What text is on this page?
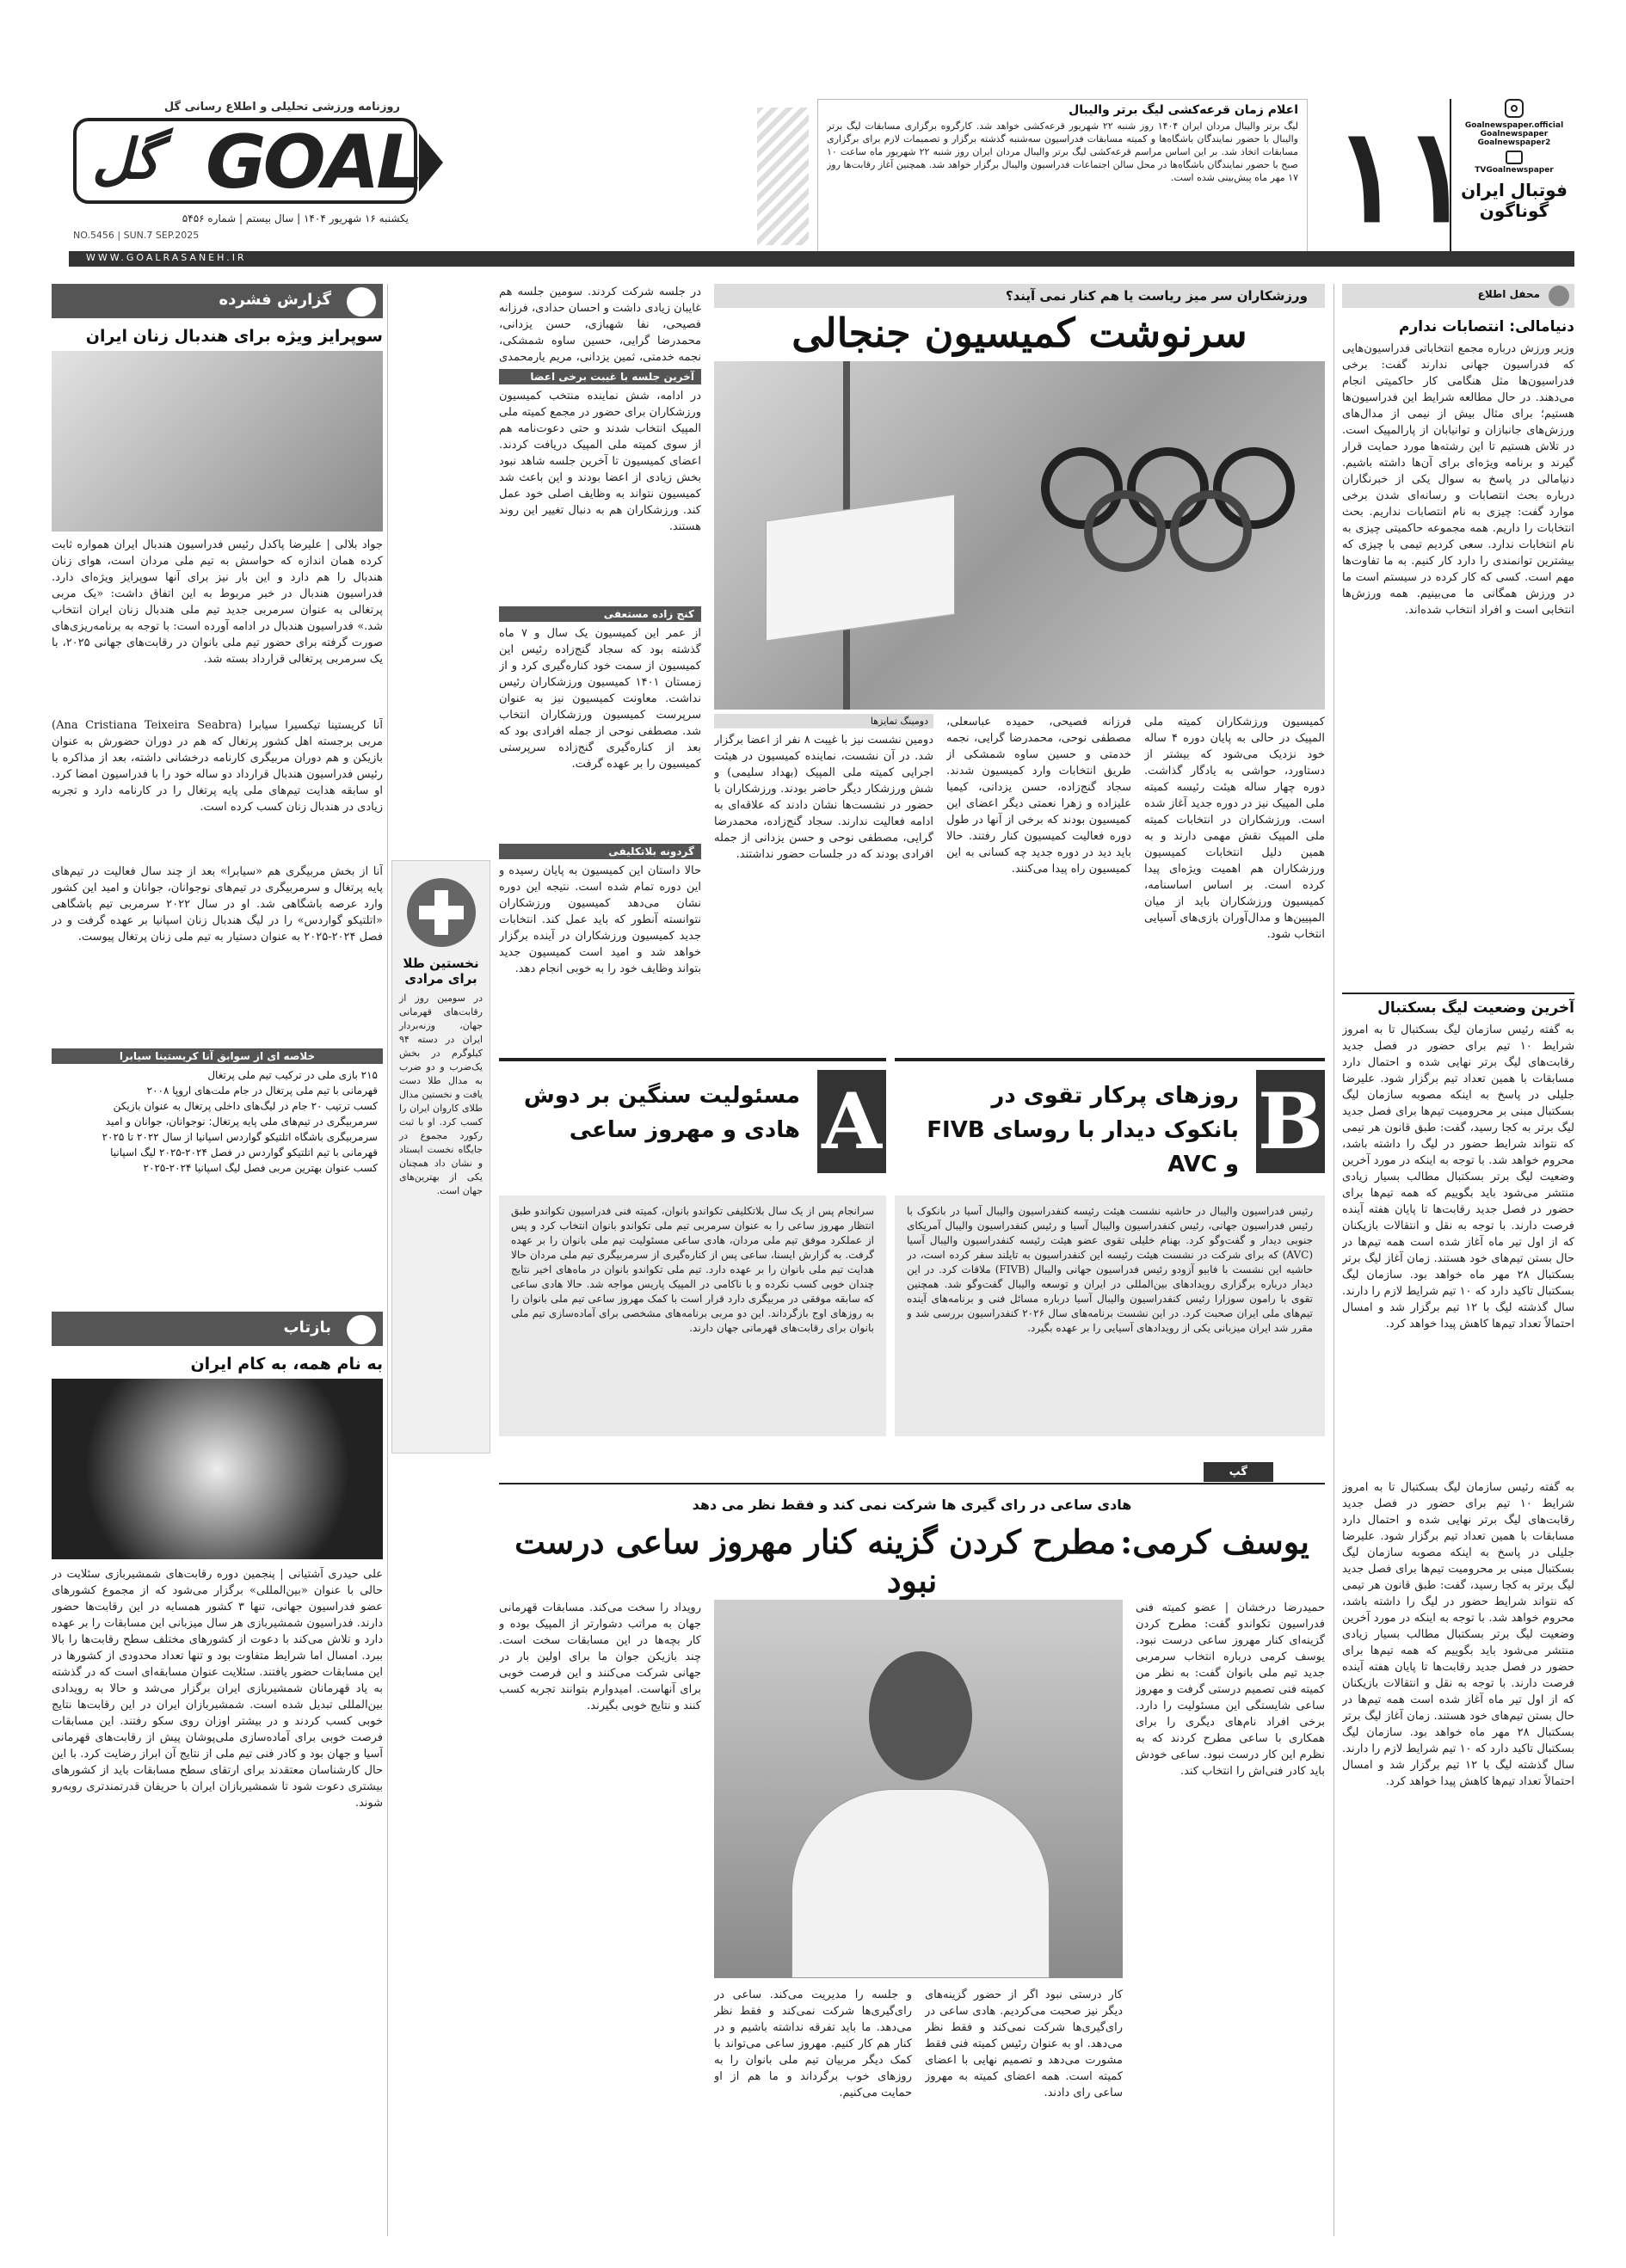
روزنامه ورزشی تحلیلی و اطلاع رسانی گل
GOAL
گل
یکشنبه ۱۶ شهریور ۱۴۰۴ | سال بیستم | شماره ۵۴۵۶
NO.5456 | SUN.7 SEP.2025
اعلام زمان قرعه‌کشی لیگ برتر والیبال
لیگ برتر والیبال مردان ایران ۱۴۰۴ روز شنبه ۲۲ شهریور قرعه‌کشی خواهد شد. کارگروه برگزاری مسابقات لیگ برتر والیبال با حضور نمایندگان باشگاه‌ها و کمیته مسابقات فدراسیون سه‌شنبه گذشته برگزار و تصمیمات لازم برای برگزاری مسابقات اتخاذ شد. بر این اساس مراسم قرعه‌کشی لیگ برتر والیبال مردان ایران روز شنبه ۲۲ شهریور ماه ساعت ۱۰ صبح با حضور نمایندگان باشگاه‌ها در محل سالن اجتماعات فدراسیون والیبال برگزار خواهد شد. همچنین آغاز رقابت‌ها روز ۱۷ مهر ماه پیش‌بینی شده است. ۱۱
Goalnewspaper.official
Goalnewspaper
Goalnewspaper2
TVGoalnewspaper
فوتبال ایران
گوناگون
WWW.GOALRASANEH.IR
محفل اطلاع
دنیامالی: انتصابات ندارم
وزیر ورزش درباره مجمع انتخاباتی فدراسیون‌هایی که فدراسیون جهانی ندارند گفت: برخی فدراسیون‌ها مثل هنگامی کار حاکمیتی انجام می‌دهند. در حال مطالعه شرایط این فدراسیون‌ها هستیم؛ برای مثال بیش از نیمی از مدال‌های ورزش‌های جانبازان و توانیابان از پارالمپیک است. در تلاش هستیم تا این رشته‌ها مورد حمایت قرار گیرند و برنامه ویژه‌ای برای آن‌ها داشته باشیم. دنیامالی در پاسخ به سوال یکی از خبرنگاران درباره بحث انتصابات و رسانه‌ای شدن برخی موارد گفت: چیزی به نام انتصابات نداریم. بحث انتخابات را داریم. همه مجموعه حاکمیتی چیزی به نام انتخابات ندارد. سعی کردیم تیمی با چیزی که بیشترین توانمندی را دارد کار کنیم. به ما تفاوت‌ها مهم است. کسی که کار کرده در سیستم است ما در ورزش همگانی ما می‌بینیم. همه ورزش‌ها انتخابی است و افراد انتخاب شده‌اند.
آخرین وضعیت لیگ بسکتبال
به گفته رئیس سازمان لیگ بسکتبال تا به امروز شرایط ۱۰ تیم برای حضور در فصل جدید رقابت‌های لیگ برتر نهایی شده و احتمال دارد مسابقات با همین تعداد تیم برگزار شود. علیرضا جلیلی در پاسخ به اینکه مصوبه سازمان لیگ بسکتبال مبنی بر محرومیت تیم‌ها برای فصل جدید لیگ برتر به کجا رسید، گفت: طبق قانون هر تیمی که نتواند شرایط حضور در لیگ را داشته باشد، محروم خواهد شد. با توجه به اینکه در مورد آخرین وضعیت لیگ برتر بسکتبال مطالب بسیار زیادی منتشر می‌شود باید بگوییم که همه تیم‌ها برای حضور در فصل جدید رقابت‌ها تا پایان هفته آینده فرصت دارند. با توجه به نقل و انتقالات بازیکنان که از اول تیر ماه آغاز شده است همه تیم‌ها در حال بستن تیم‌های خود هستند. زمان آغاز لیگ برتر بسکتبال ۲۸ مهر ماه خواهد بود. سازمان لیگ بسکتبال تاکید دارد که ۱۰ تیم شرایط لازم را دارند. سال گذشته لیگ با ۱۲ تیم برگزار شد و امسال احتمالاً تعداد تیم‌ها کاهش پیدا خواهد کرد.
به گفته رئیس سازمان لیگ بسکتبال تا به امروز شرایط ۱۰ تیم برای حضور در فصل جدید رقابت‌های لیگ برتر نهایی شده و احتمال دارد مسابقات با همین تعداد تیم برگزار شود. علیرضا جلیلی در پاسخ به اینکه مصوبه سازمان لیگ بسکتبال مبنی بر محرومیت تیم‌ها برای فصل جدید لیگ برتر به کجا رسید، گفت: طبق قانون هر تیمی که نتواند شرایط حضور در لیگ را داشته باشد، محروم خواهد شد. با توجه به اینکه در مورد آخرین وضعیت لیگ برتر بسکتبال مطالب بسیار زیادی منتشر می‌شود باید بگوییم که همه تیم‌ها برای حضور در فصل جدید رقابت‌ها تا پایان هفته آینده فرصت دارند. با توجه به نقل و انتقالات بازیکنان که از اول تیر ماه آغاز شده است همه تیم‌ها در حال بستن تیم‌های خود هستند. زمان آغاز لیگ برتر بسکتبال ۲۸ مهر ماه خواهد بود. سازمان لیگ بسکتبال تاکید دارد که ۱۰ تیم شرایط لازم را دارند. سال گذشته لیگ با ۱۲ تیم برگزار شد و امسال احتمالاً تعداد تیم‌ها کاهش پیدا خواهد کرد.
ورزشکاران سر میز ریاست یا هم کنار نمی آیند؟
سرنوشت کمیسیون جنجالی
کمیسیون ورزشکاران کمیته ملی المپیک در حالی به پایان دوره ۴ ساله خود نزدیک می‌شود که بیشتر از دستاورد، حواشی به یادگار گذاشت. دوره چهار ساله هیئت رئیسه کمیته ملی المپیک نیز در دوره جدید آغاز شده است. ورزشکاران در انتخابات کمیته ملی المپیک نقش مهمی دارند و به همین دلیل انتخابات کمیسیون ورزشکاران هم اهمیت ویژه‌ای پیدا کرده است. بر اساس اساسنامه، کمیسیون ورزشکاران باید از میان المپیین‌ها و مدال‌آوران بازی‌های آسیایی انتخاب شود.
فرزانه فصیحی، حمیده عباسعلی، مصطفی نوحی، محمدرضا گرایی، نجمه خدمتی و حسین ساوه شمشکی از طریق انتخابات وارد کمیسیون شدند. سجاد گنج‌زاده، حسن یزدانی، کیمیا علیزاده و زهرا نعمتی دیگر اعضای این کمیسیون بودند که برخی از آنها در طول دوره فعالیت کمیسیون کنار رفتند. حالا باید دید در دوره جدید چه کسانی به این کمیسیون راه پیدا می‌کنند.
دومینگ تمایزها
دومین نشست نیز با غیبت ۸ نفر از اعضا برگزار شد. در آن نشست، نماینده کمیسیون در هیئت اجرایی کمیته ملی المپیک (بهداد سلیمی) و شش ورزشکار دیگر حاضر بودند. ورزشکاران با حضور در نشست‌ها نشان دادند که علاقه‌ای به ادامه فعالیت ندارند. سجاد گنج‌زاده، محمدرضا گرایی، مصطفی نوحی و حسن یزدانی از جمله افرادی بودند که در جلسات حضور نداشتند.
در جلسه شرکت کردند. سومین جلسه هم غایبان زیادی داشت و احسان حدادی، فرزانه فصیحی، نفا شهبازی، حسن یزدانی، محمدرضا گرایی، حسین ساوه شمشکی، نجمه خدمتی، ثمین یزدانی، مریم یارمحمدی
آخرین جلسه با غیبت برخی اعضا
در ادامه، شش نماینده منتخب کمیسیون ورزشکاران برای حضور در مجمع کمیته ملی المپیک انتخاب شدند و حتی دعوت‌نامه هم از سوی کمیته ملی المپیک دریافت کردند. اعضای کمیسیون تا آخرین جلسه شاهد نبود بخش زیادی از اعضا بودند و این باعث شد کمیسیون نتواند به وظایف اصلی خود عمل کند. ورزشکاران هم به دنبال تغییر این روند هستند.
کنج زاده مستعفی
از عمر این کمیسیون یک سال و ۷ ماه گذشته بود که سجاد گنج‌زاده رئیس این کمیسیون از سمت خود کناره‌گیری کرد و از زمستان ۱۴۰۱ کمیسیون ورزشکاران رئیس نداشت. معاونت کمیسیون نیز به عنوان سرپرست کمیسیون ورزشکاران انتخاب شد. مصطفی نوحی از جمله افرادی بود که بعد از کناره‌گیری گنج‌زاده سرپرستی کمیسیون را بر عهده گرفت.
گردونه بلاتکلیفی
حالا داستان این کمیسیون به پایان رسیده و این دوره تمام شده است. نتیجه این دوره نشان می‌دهد کمیسیون ورزشکاران نتوانسته آنطور که باید عمل کند. انتخابات جدید کمیسیون ورزشکاران در آینده برگزار خواهد شد و امید است کمیسیون جدید بتواند وظایف خود را به خوبی انجام دهد.
نخستین طلا برای مرادی
در سومین روز از رقابت‌های قهرمانی جهان، وزنه‌بردار ایران در دسته ۹۴ کیلوگرم در بخش یک‌ضرب و دو ضرب به مدال طلا دست یافت و نخستین مدال طلای کاروان ایران را کسب کرد. او با ثبت رکورد مجموع در جایگاه نخست ایستاد و نشان داد همچنان یکی از بهترین‌های جهان است.
B
روزهای پرکار تقوی در بانکوک دیدار با روسای FIVB و AVC
رئیس فدراسیون والیبال در حاشیه نشست هیئت رئیسه کنفدراسیون والیبال آسیا در بانکوک با رئیس فدراسیون جهانی، رئیس کنفدراسیون والیبال آسیا و رئیس کنفدراسیون والیبال آمریکای جنوبی دیدار و گفت‌وگو کرد. بهنام خلیلی تقوی عضو هیئت رئیسه کنفدراسیون والیبال آسیا (AVC) که برای شرکت در نشست هیئت رئیسه این کنفدراسیون به تایلند سفر کرده است، در حاشیه این نشست با فابیو آزودو رئیس فدراسیون جهانی والیبال (FIVB) ملاقات کرد. در این دیدار درباره برگزاری رویدادهای بین‌المللی در ایران و توسعه والیبال گفت‌وگو شد. همچنین تقوی با رامون سوزارا رئیس کنفدراسیون والیبال آسیا درباره مسائل فنی و برنامه‌های آینده تیم‌های ملی ایران صحبت کرد. در این نشست برنامه‌های سال ۲۰۲۶ کنفدراسیون بررسی شد و مقرر شد ایران میزبانی یکی از رویدادهای آسیایی را بر عهده بگیرد.
A
مسئولیت سنگین بر دوش هادی و مهروز ساعی
سرانجام پس از یک سال بلاتکلیفی تکواندو بانوان، کمیته فنی فدراسیون تکواندو طبق انتظار مهروز ساعی را به عنوان سرمربی تیم ملی تکواندو بانوان انتخاب کرد و پس از عملکرد موفق تیم ملی مردان، هادی ساعی مسئولیت تیم ملی بانوان را بر عهده گرفت. به گزارش ایسنا، ساعی پس از کناره‌گیری از سرمربیگری تیم ملی مردان حالا هدایت تیم ملی بانوان را بر عهده دارد. تیم ملی تکواندو بانوان در ماه‌های اخیر نتایج چندان خوبی کسب نکرده و با ناکامی در المپیک پاریس مواجه شد. حالا هادی ساعی که سابقه موفقی در مربیگری دارد قرار است با کمک مهروز ساعی تیم ملی بانوان را به روزهای اوج بازگرداند. این دو مربی برنامه‌های مشخصی برای آماده‌سازی تیم ملی بانوان برای رقابت‌های قهرمانی جهان دارند.
گپ
هادی ساعی در رای گیری ها شرکت نمی کند و فقط نظر می دهد
یوسف کرمی: مطرح کردن گزینه کنار مهروز ساعی درست نبود
حمیدرضا درخشان | عضو کمیته فنی فدراسیون تکواندو گفت: مطرح کردن گزینه‌ای کنار مهروز ساعی درست نبود. یوسف کرمی درباره انتخاب سرمربی جدید تیم ملی بانوان گفت: به نظر من کمیته فنی تصمیم درستی گرفت و مهروز ساعی شایستگی این مسئولیت را دارد. برخی افراد نام‌های دیگری را برای همکاری با ساعی مطرح کردند که به نظرم این کار درست نبود. ساعی خودش باید کادر فنی‌اش را انتخاب کند.
کار درستی نبود اگر از حضور گزینه‌های دیگر نیز صحبت می‌کردیم. هادی ساعی در رای‌گیری‌ها شرکت نمی‌کند و فقط نظر می‌دهد. او به عنوان رئیس کمیته فنی فقط مشورت می‌دهد و تصمیم نهایی با اعضای کمیته است. همه اعضای کمیته به مهروز ساعی رای دادند.
و جلسه را مدیریت می‌کند. ساعی در رای‌گیری‌ها شرکت نمی‌کند و فقط نظر می‌دهد. ما باید تفرقه نداشته باشیم و در کنار هم کار کنیم. مهروز ساعی می‌تواند با کمک دیگر مربیان تیم ملی بانوان را به روزهای خوب برگرداند و ما هم از او حمایت می‌کنیم.
رویداد را سخت می‌کند. مسابقات قهرمانی جهان به مراتب دشوارتر از المپیک بوده و کار بچه‌ها در این مسابقات سخت است. چند بازیکن جوان ما برای اولین بار در جهانی شرکت می‌کنند و این فرصت خوبی برای آنهاست. امیدوارم بتوانند تجربه کسب کنند و نتایج خوبی بگیرند.
گزارش فشرده
سوپرایز ویژه برای هندبال زنان ایران
جواد بلالی | علیرضا پاکدل رئیس فدراسیون هندبال ایران همواره ثابت کرده همان اندازه که حواسش به تیم ملی مردان است، هوای زنان هندبال را هم دارد و این بار نیز برای آنها سوپرایز ویژه‌ای دارد. فدراسیون هندبال در خبر مربوط به این اتفاق داشت: «یک مربی پرتغالی به عنوان سرمربی جدید تیم ملی هندبال زنان ایران انتخاب شد.» فدراسیون هندبال در ادامه آورده است: با توجه به برنامه‌ریزی‌های صورت گرفته برای حضور تیم ملی بانوان در رقابت‌های جهانی ۲۰۲۵، با یک سرمربی پرتغالی قرارداد بسته شد.
آنا کریستینا تیکسیرا سیابرا (Ana Cristiana Teixeira Seabra) مربی برجسته اهل کشور پرتغال که هم در دوران حضورش به عنوان بازیکن و هم دوران مربیگری کارنامه درخشانی داشته، بعد از مذاکره با رئیس فدراسیون هندبال قرارداد دو ساله خود را با فدراسیون امضا کرد. او سابقه هدایت تیم‌های ملی پایه پرتغال را در کارنامه دارد و تجربه زیادی در هندبال زنان کسب کرده است.
آنا از بخش مربیگری هم «سیابرا» بعد از چند سال فعالیت در تیم‌های پایه پرتغال و سرمربیگری در تیم‌های نوجوانان، جوانان و امید این کشور وارد عرصه باشگاهی شد. او در سال ۲۰۲۲ سرمربی تیم باشگاهی «اتلتیکو گواردس» را در لیگ هندبال زنان اسپانیا بر عهده گرفت و در فصل ۲۰۲۴-۲۰۲۵ به عنوان دستیار به تیم ملی زنان پرتغال پیوست.
خلاصه ای از سوابق آنا کریستینا سیابرا
۲۱۵ بازی ملی در ترکیب تیم ملی پرتغال
قهرمانی با تیم ملی پرتغال در جام ملت‌های اروپا ۲۰۰۸
کسب ترتیب ۲۰ جام در لیگ‌های داخلی پرتغال به عنوان بازیکن
سرمربیگری در تیم‌های ملی پایه پرتغال: نوجوانان، جوانان و امید
سرمربیگری باشگاه اتلتیکو گواردس اسپانیا از سال ۲۰۲۲ تا ۲۰۲۵
قهرمانی با تیم اتلتیکو گواردس در فصل ۲۰۲۴-۲۰۲۵ لیگ اسپانیا
کسب عنوان بهترین مربی فصل لیگ اسپانیا ۲۰۲۴-۲۰۲۵
بازتاب
به نام همه، به کام ایران
علی حیدری آشتیانی | پنجمین دوره رقابت‌های شمشیربازی سئلایت در حالی با عنوان «بین‌المللی» برگزار می‌شود که از مجموع کشورهای عضو فدراسیون جهانی، تنها ۳ کشور همسایه در این رقابت‌ها حضور دارند. فدراسیون شمشیربازی هر سال میزبانی این مسابقات را بر عهده دارد و تلاش می‌کند با دعوت از کشورهای مختلف سطح رقابت‌ها را بالا ببرد. امسال اما شرایط متفاوت بود و تنها تعداد محدودی از کشورها در این مسابقات حضور یافتند. سئلایت عنوان مسابقه‌ای است که در گذشته به یاد قهرمانان شمشیربازی ایران برگزار می‌شد و حالا به رویدادی بین‌المللی تبدیل شده است. شمشیربازان ایران در این رقابت‌ها نتایج خوبی کسب کردند و در بیشتر اوزان روی سکو رفتند. این مسابقات فرصت خوبی برای آماده‌سازی ملی‌پوشان پیش از رقابت‌های قهرمانی آسیا و جهان بود و کادر فنی تیم ملی از نتایج آن ابراز رضایت کرد. با این حال کارشناسان معتقدند برای ارتقای سطح مسابقات باید از کشورهای بیشتری دعوت شود تا شمشیربازان ایران با حریفان قدرتمندتری روبه‌رو شوند.
